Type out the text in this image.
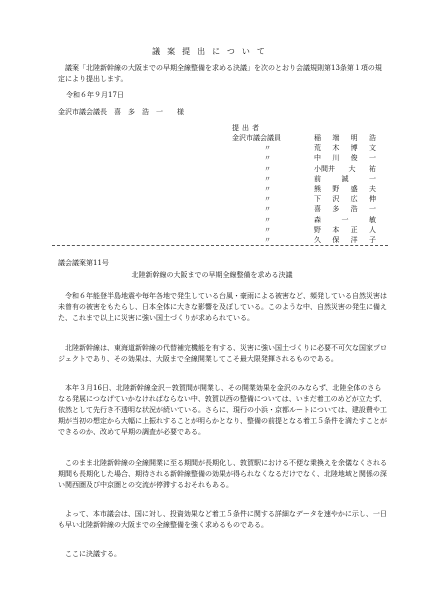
議案提出について
議案「北陸新幹線の大阪までの早期全線整備を求める決議」を次のとおり会議規則第13条第１項の規定により提出します。
令和６年９月17日
金沢市議会議長　喜　多　浩　一　　様
提出者
金沢市議会議員	稲 端 明 浩
〃	荒 木 博 文
〃	中 川 俊 一
〃	小間井 大 祐
〃	前	誠	一
〃	熊 野 盛 夫
〃	下 沢 広 伸
〃	喜 多 浩 一
〃	森	一	敏
〃	野 本 正 人
〃	久 保 洋 子
議会議案第11号
北陸新幹線の大阪までの早期全線整備を求める決議
令和６年能登半島地震や毎年各地で発生している台風・豪雨による被害など、頻発している自然災害は未曾有の被害をもたらし、日本全体に大きな影響を及ぼしている。このような中、自然災害の発生に備えた、これまで以上に災害に強い国土づくりが求められている。
北陸新幹線は、東海道新幹線の代替補完機能を有する、災害に強い国土づくりに必要不可欠な国家プロジェクトであり、その効果は、大阪まで全線開業してこそ最大限発揮されるものである。
本年３月16日、北陸新幹線金沢－敦賀間が開業し、その開業効果を金沢のみならず、北陸全体のさらなる発展につなげていかなければならない中、敦賀以西の整備については、いまだ着工のめどが立たず、依然として先行き不透明な状況が続いている。さらに、現行の小浜・京都ルートについては、建設費や工期が当初の想定から大幅に上振れすることが明らかとなり、整備の前提となる着工５条件を満たすことができるのか、改めて早期の調査が必要である。
このまま北陸新幹線の全線開業に至る期間が長期化し、敦賀駅における不便な乗換えを余儀なくされる期間も長期化した場合、期待される新幹線整備の効果が得られなくなるだけでなく、北陸地域と関係の深い関西圏及び中京圏との交流が停滞するおそれもある。
よって、本市議会は、国に対し、投資効果など着工５条件に関する詳細なデータを速やかに示し、一日も早い北陸新幹線の大阪までの全線整備を強く求めるものである。
ここに決議する。
